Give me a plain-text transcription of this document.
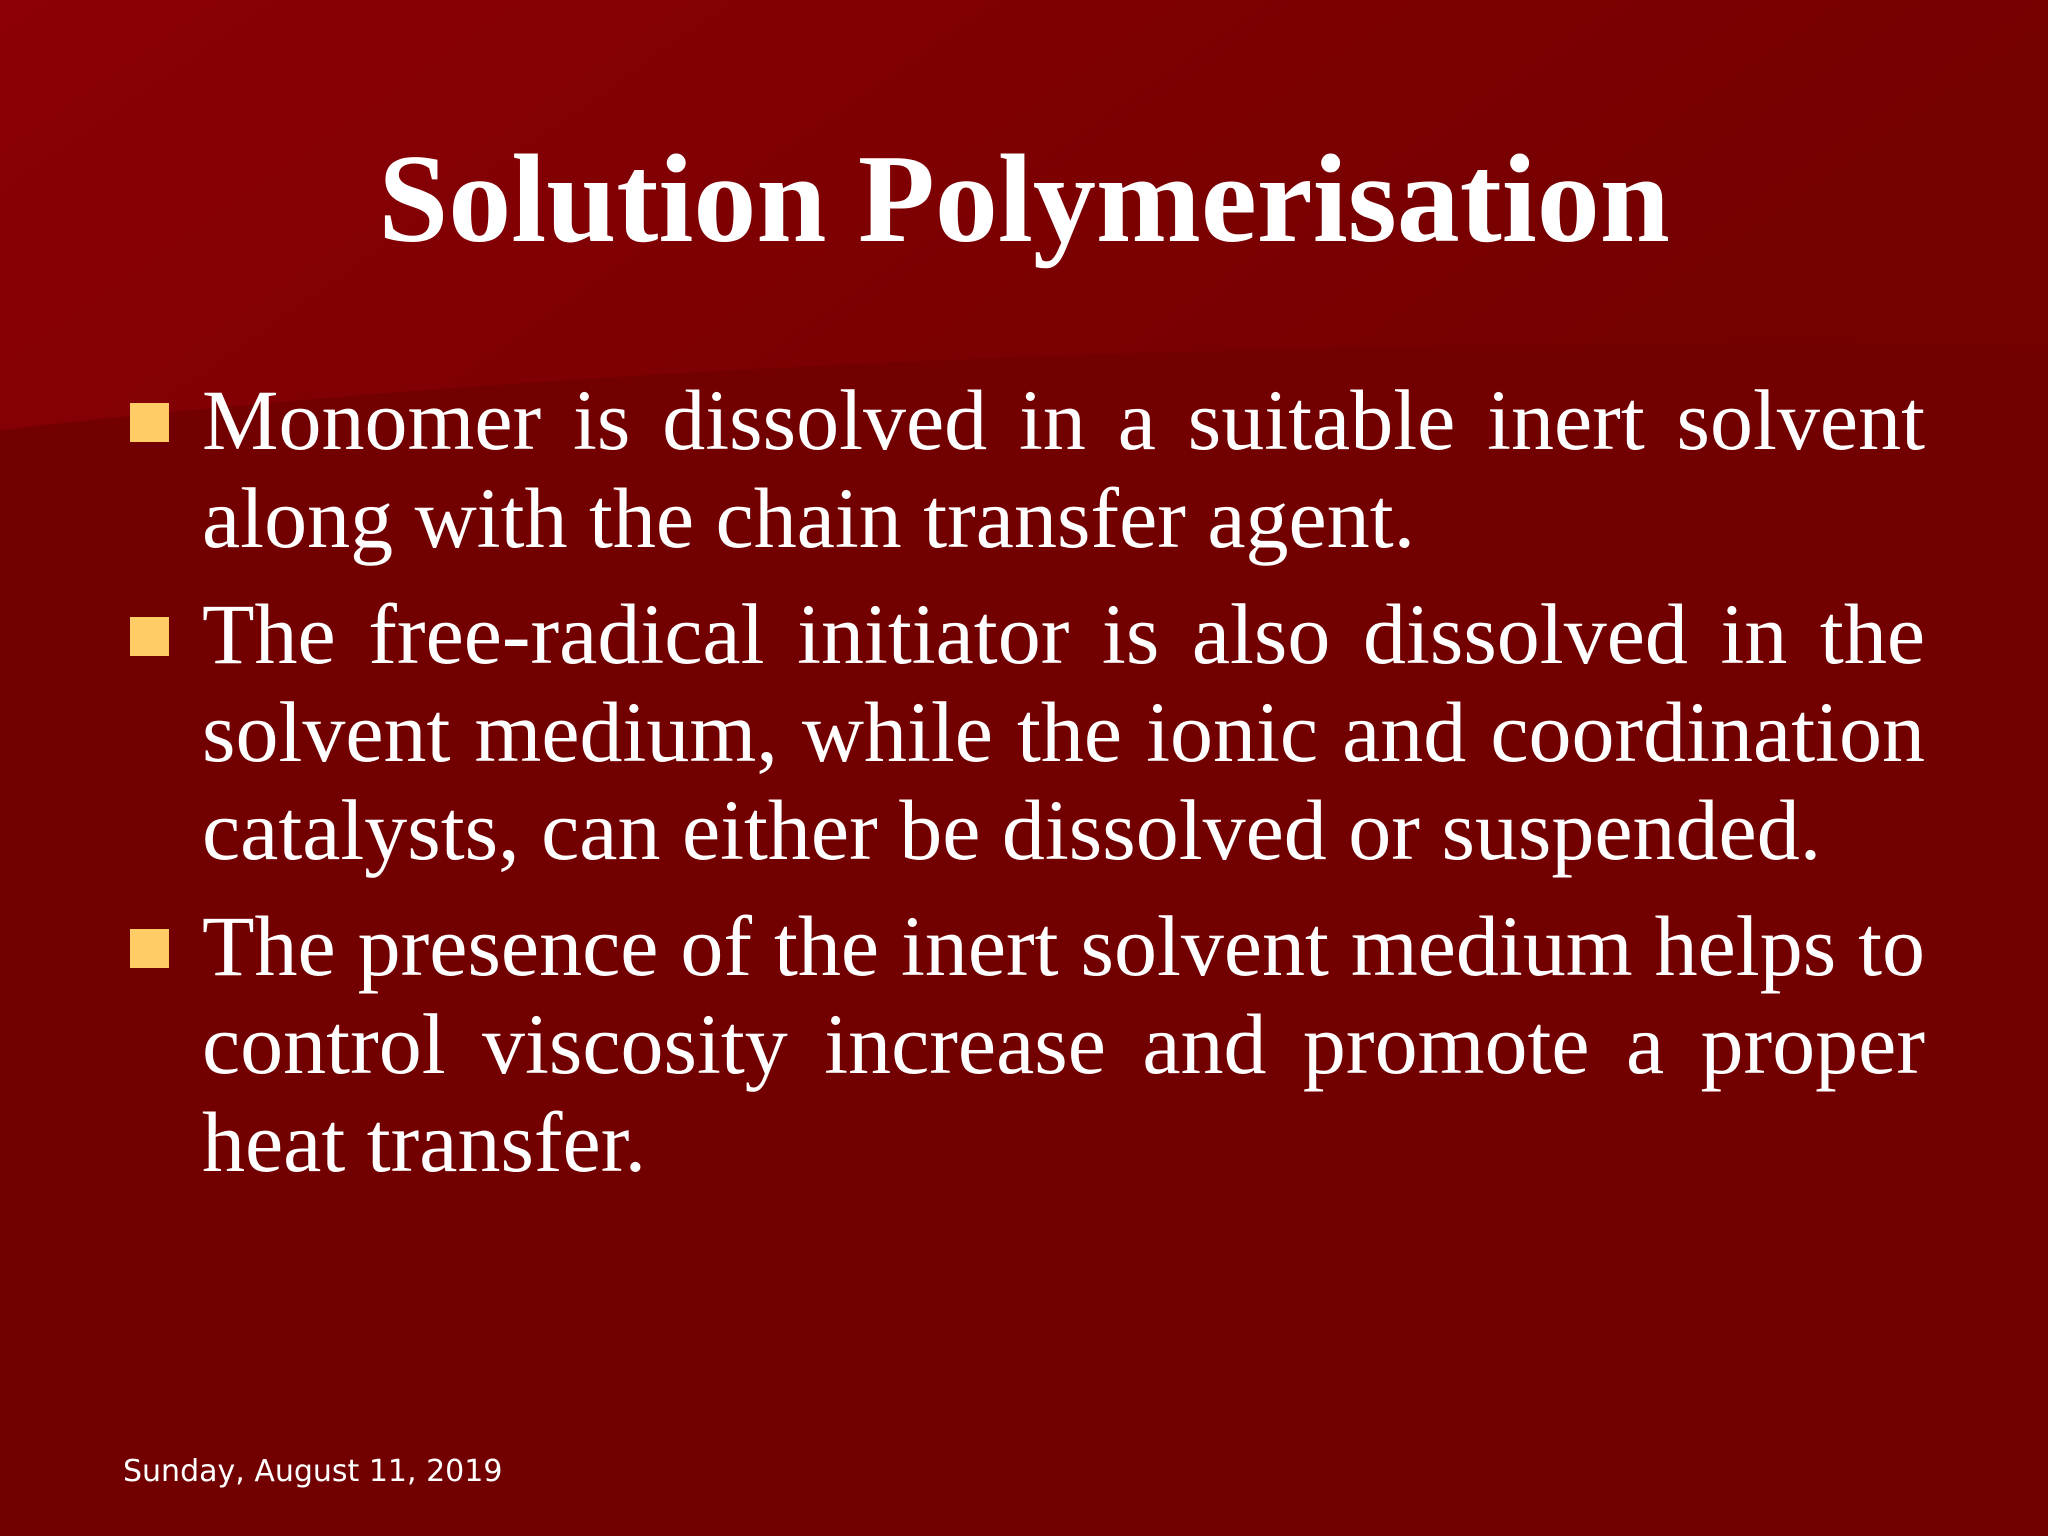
Solution Polymerisation
Monomer is dissolved in a suitable inert solvent along with the chain transfer agent.
The free-radical initiator is also dissolved in the solvent medium, while the ionic and coordination catalysts, can either be dissolved or suspended.
The presence of the inert solvent medium helps to control viscosity increase and promote a proper heat transfer.
Sunday, August 11, 2019
